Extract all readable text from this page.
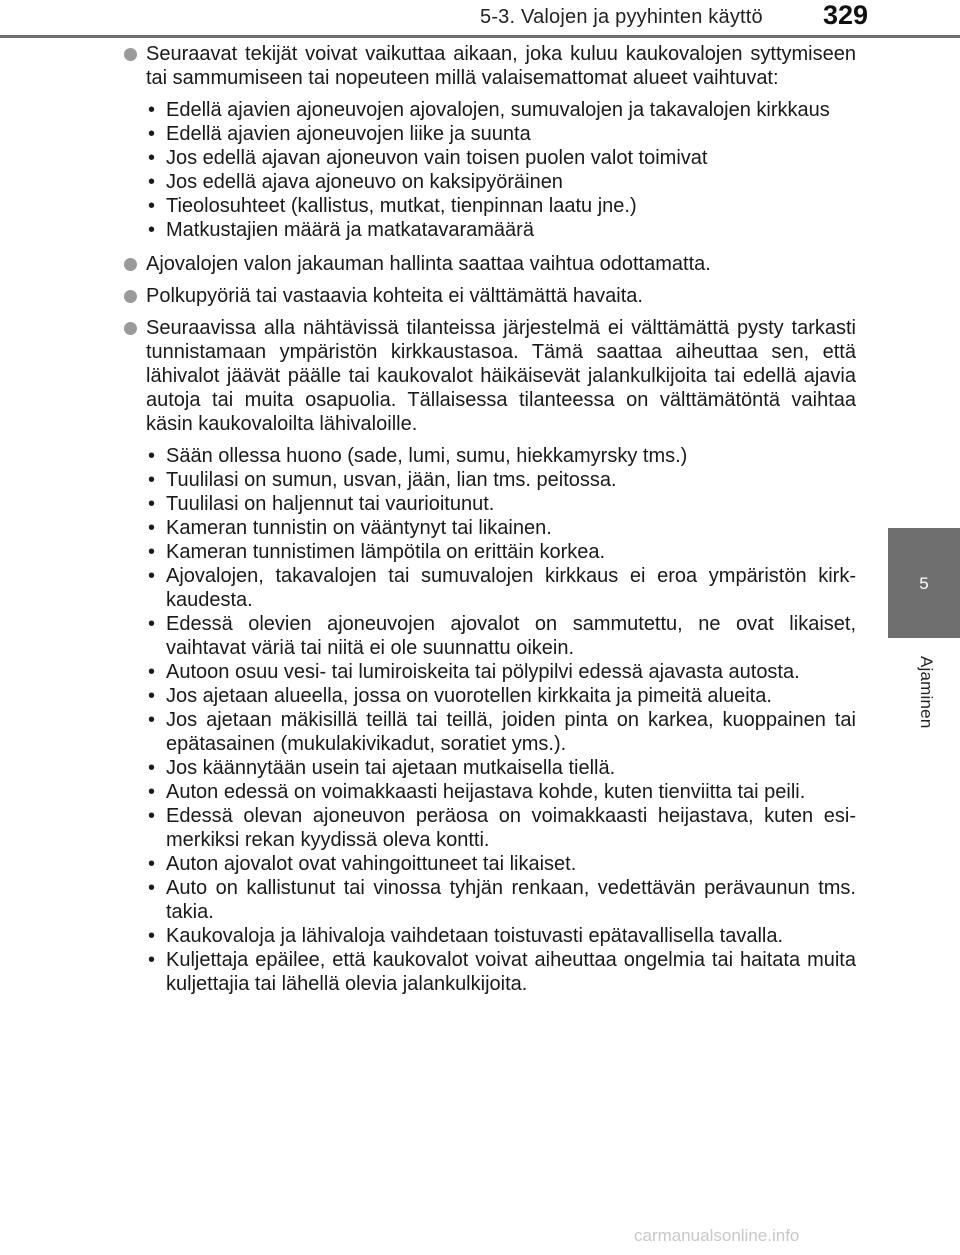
5-3. Valojen ja pyyhinten käyttö	329
5
Ajaminen

Seuraavat tekijät voivat vaikuttaa aikaan, joka kuluu kaukovalojen syttymiseen tai sammumiseen tai nopeuteen millä valaisemattomat alueet vaihtuvat:

• Edellä ajavien ajoneuvojen ajovalojen, sumuvalojen ja takavalojen kirkkaus
• Edellä ajavien ajoneuvojen liike ja suunta
• Jos edellä ajavan ajoneuvon vain toisen puolen valot toimivat
• Jos edellä ajava ajoneuvo on kaksipyöräinen
• Tieolosuhteet (kallistus, mutkat, tienpinnan laatu jne.)
• Matkustajien määrä ja matkatavaramäärä

Ajovalojen valon jakauman hallinta saattaa vaihtua odottamatta.

Polkupyöriä tai vastaavia kohteita ei välttämättä havaita.

Seuraavissa alla nähtävissä tilanteissa järjestelmä ei välttämättä pysty tarkasti tunnistamaan ympäristön kirkkaustasoa. Tämä saattaa aiheuttaa sen, että lähivalot jäävät päälle tai kaukovalot häikäisevät jalankulkijoita tai edellä ajavia autoja tai muita osapuolia. Tällaisessa tilanteessa on välttämätöntä vaihtaa käsin kaukovaloilta lähivaloille.

• Sään ollessa huono (sade, lumi, sumu, hiekkamyrsky tms.)
• Tuulilasi on sumun, usvan, jään, lian tms. peitossa.
• Tuulilasi on haljennut tai vaurioitunut.
• Kameran tunnistin on vääntynyt tai likainen.
• Kameran tunnistimen lämpötila on erittäin korkea.
• Ajovalojen, takavalojen tai sumuvalojen kirkkaus ei eroa ympäristön kirkkaudesta.
• Edessä olevien ajoneuvojen ajovalot on sammutettu, ne ovat likaiset, vaihtavat väriä tai niitä ei ole suunnattu oikein.
• Autoon osuu vesi- tai lumiroiskeita tai pölypilvi edessä ajavasta autosta.
• Jos ajetaan alueella, jossa on vuorotellen kirkkaita ja pimeitä alueita.
• Jos ajetaan mäkisillä teillä tai teillä, joiden pinta on karkea, kuoppainen tai epätasainen (mukulakivikadut, soratiet yms.).
• Jos käännytään usein tai ajetaan mutkaisella tiellä.
• Auton edessä on voimakkaasti heijastava kohde, kuten tienviitta tai peili.
• Edessä olevan ajoneuvon peräosa on voimakkaasti heijastava, kuten esimerkiksi rekan kyydissä oleva kontti.
• Auton ajovalot ovat vahingoittuneet tai likaiset.
• Auto on kallistunut tai vinossa tyhjän renkaan, vedettävän perävaunun tms. takia.
• Kaukovaloja ja lähivaloja vaihdetaan toistuvasti epätavallisella tavalla.
• Kuljettaja epäilee, että kaukovalot voivat aiheuttaa ongelmia tai haitata muita kuljettajia tai lähellä olevia jalankulkijoita.
carmanualsonline.info
